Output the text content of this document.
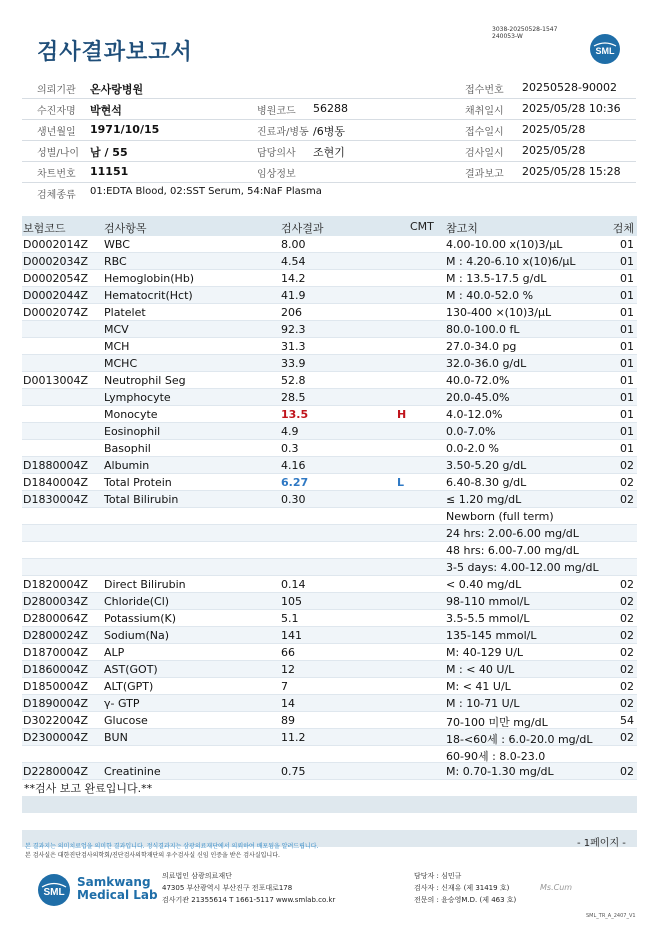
3038-20250528-1547
240053-W
검사결과보고서	SML
의뢰기관 온사랑병원	접수번호 20250528-90002
수진자명 박현석	병원코드 56288	채취일시 2025/05/28 10:36
생년월일 1971/10/15	진료과/병동 /6병동	접수일시 2025/05/28
성별/나이 남 / 55	담당의사 조현기	검사일시 2025/05/28
차트번호 11151	임상정보	결과보고 2025/05/28 15:28
검체종류 01:EDTA Blood, 02:SST Serum, 54:NaF Plasma
보험코드	검사항목	검사결과	CMT 참고치	검체
D0002014Z WBC	8.00	4.00-10.00 x(10)3/μL	01
D0002034Z RBC	4.54	M : 4.20-6.10 x(10)6/μL	01
D0002054Z Hemoglobin(Hb)	14.2	M : 13.5-17.5 g/dL	01
D0002044Z Hematocrit(Hct)	41.9	M : 40.0-52.0 %	01
D0002074Z Platelet	206	130-400 ×(10)3/μL	01
MCV	92.3	80.0-100.0 fL	01
MCH	31.3	27.0-34.0 pg	01
MCHC	33.9	32.0-36.0 g/dL	01
D0013004Z Neutrophil Seg	52.8	40.0-72.0%	01
Lymphocyte	28.5	20.0-45.0%	01
Monocyte	13.5	H	4.0-12.0%	01
Eosinophil	4.9	0.0-7.0%	01
Basophil	0.3	0.0-2.0 %	01
D1880004Z Albumin	4.16	3.50-5.20 g/dL	02
D1840004Z Total Protein	6.27	L	6.40-8.30 g/dL	02
D1830004Z Total Bilirubin	0.30	≤ 1.20 mg/dL	02
Newborn (full term)
24 hrs: 2.00-6.00 mg/dL
48 hrs: 6.00-7.00 mg/dL
3-5 days: 4.00-12.00 mg/dL
D1820004Z Direct Bilirubin	0.14	< 0.40 mg/dL	02
D2800034Z Chloride(Cl)	105	98-110 mmol/L	02
D2800064Z Potassium(K)	5.1	3.5-5.5 mmol/L	02
D2800024Z Sodium(Na)	141	135-145 mmol/L	02
D1870004Z ALP	66	M: 40-129 U/L	02
D1860004Z AST(GOT)	12	M : < 40 U/L	02
D1850004Z ALT(GPT)	7	M: < 41 U/L	02
D1890004Z γ- GTP	14	M : 10-71 U/L	02
D3022004Z Glucose	89	70-100 미만 mg/dL	54
D2300004Z BUN	11.2	18-<60세 : 6.0-20.0 mg/dL	02
60-90세 : 8.0-23.0
D2280004Z Creatinine	0.75	M: 0.70-1.30 mg/dL	02
**검사 보고 완료입니다.**
- 1페이지 -
본 결과지는 의미치료업을 의미한 결과입니다. 정식결과지는 삼광의료재단에서 의뢰하여 배포됨을 알려드립니다.
본 검사실은 대한진단검사의학회/진단검사의학재단의 우수검사실 신임 인증을 받은 검사실입니다.
SML
Samkwang
Medical Lab
의료법인 삼광의료재단
47305 부산광역시 부산진구 전포대로178
검사기관 21355614 T 1661-5117 www.smlab.co.kr
담당자 : 심민규
검사자 : 신재유 (제 31419 호)
전문의 : 윤승영M.D. (제 463 호)
Ms.Cum
SML_TR_A_2407_V1
